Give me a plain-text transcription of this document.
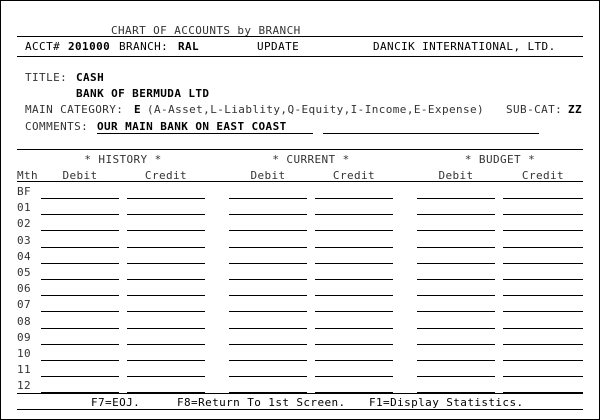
CHART OF ACCOUNTS by BRANCH
ACCT# 201000 BRANCH: RAL	UPDATE	DANCIK INTERNATIONAL, LTD.
TITLE: CASH
BANK OF BERMUDA LTD
MAIN CATEGORY: E (A-Asset,L-Liablity,Q-Equity,I-Income,E-Expense) SUB-CAT: ZZ
COMMENTS: OUR MAIN BANK ON EAST COAST
* HISTORY *	* CURRENT *	* BUDGET *
Mth	Debit	Credit	Debit	Credit	Debit	Credit
BF
01
02
03
04
05
06
07
08
09
10
11
12
F7=EOJ.	F8=Return To 1st Screen. F1=Display Statistics.
